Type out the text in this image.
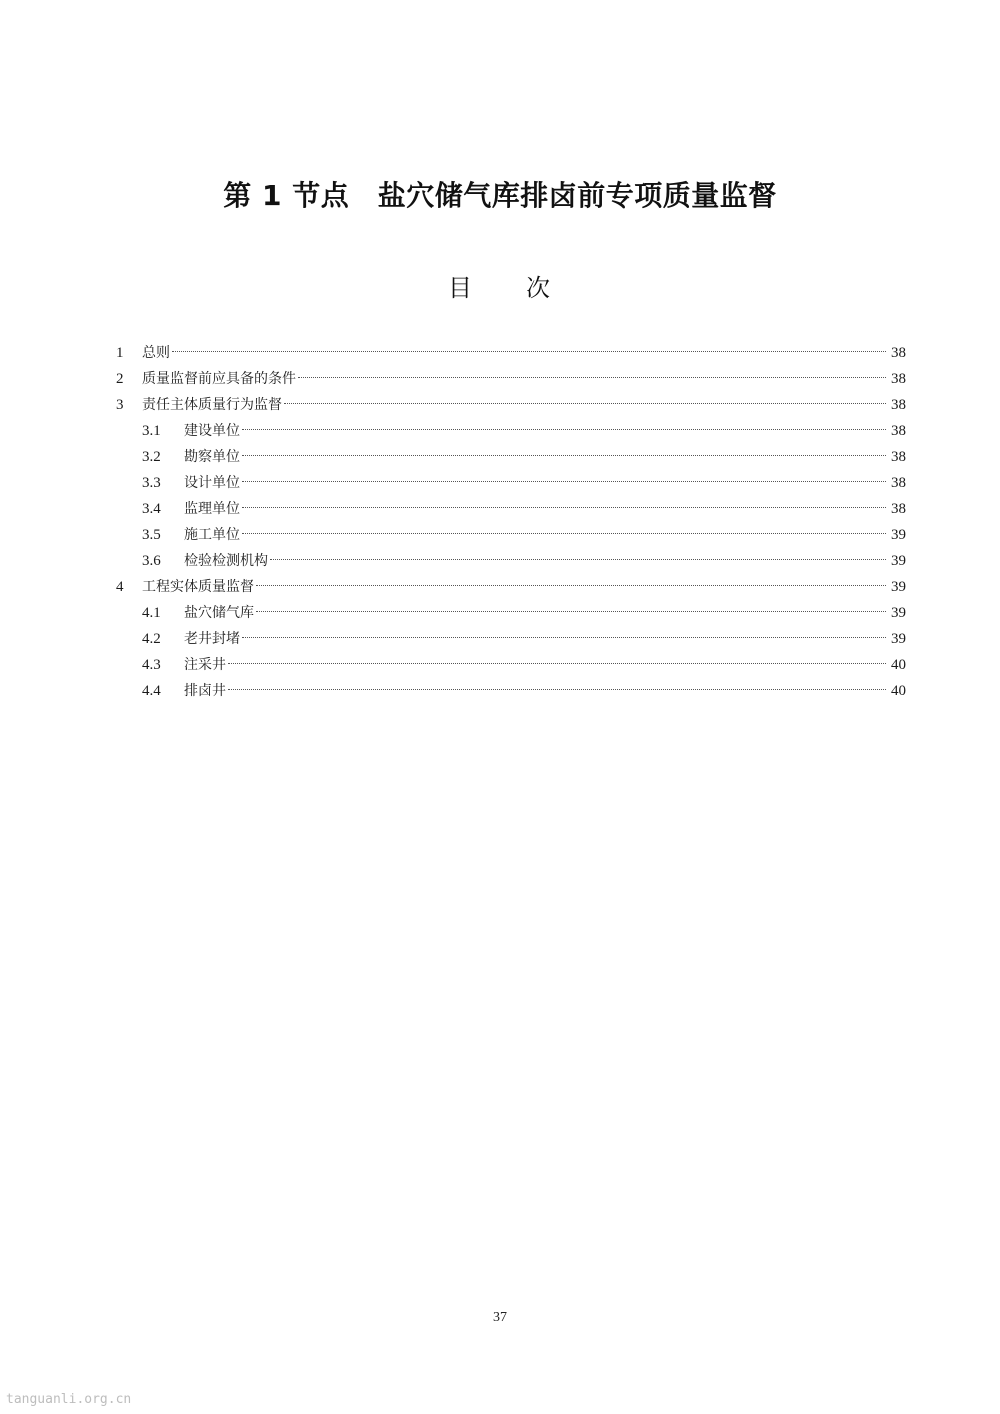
第 1 节点　盐穴储气库排卤前专项质量监督
目 次
1	总则	38
2	质量监督前应具备的条件	38
3	责任主体质量行为监督	38
3.1	建设单位	38
3.2	勘察单位	38
3.3	设计单位	38
3.4	监理单位	38
3.5	施工单位	39
3.6	检验检测机构	39
4	工程实体质量监督	39
4.1	盐穴储气库	39
4.2	老井封堵	39
4.3	注采井	40
4.4	排卤井	40
37
tanguanli.org.cn
